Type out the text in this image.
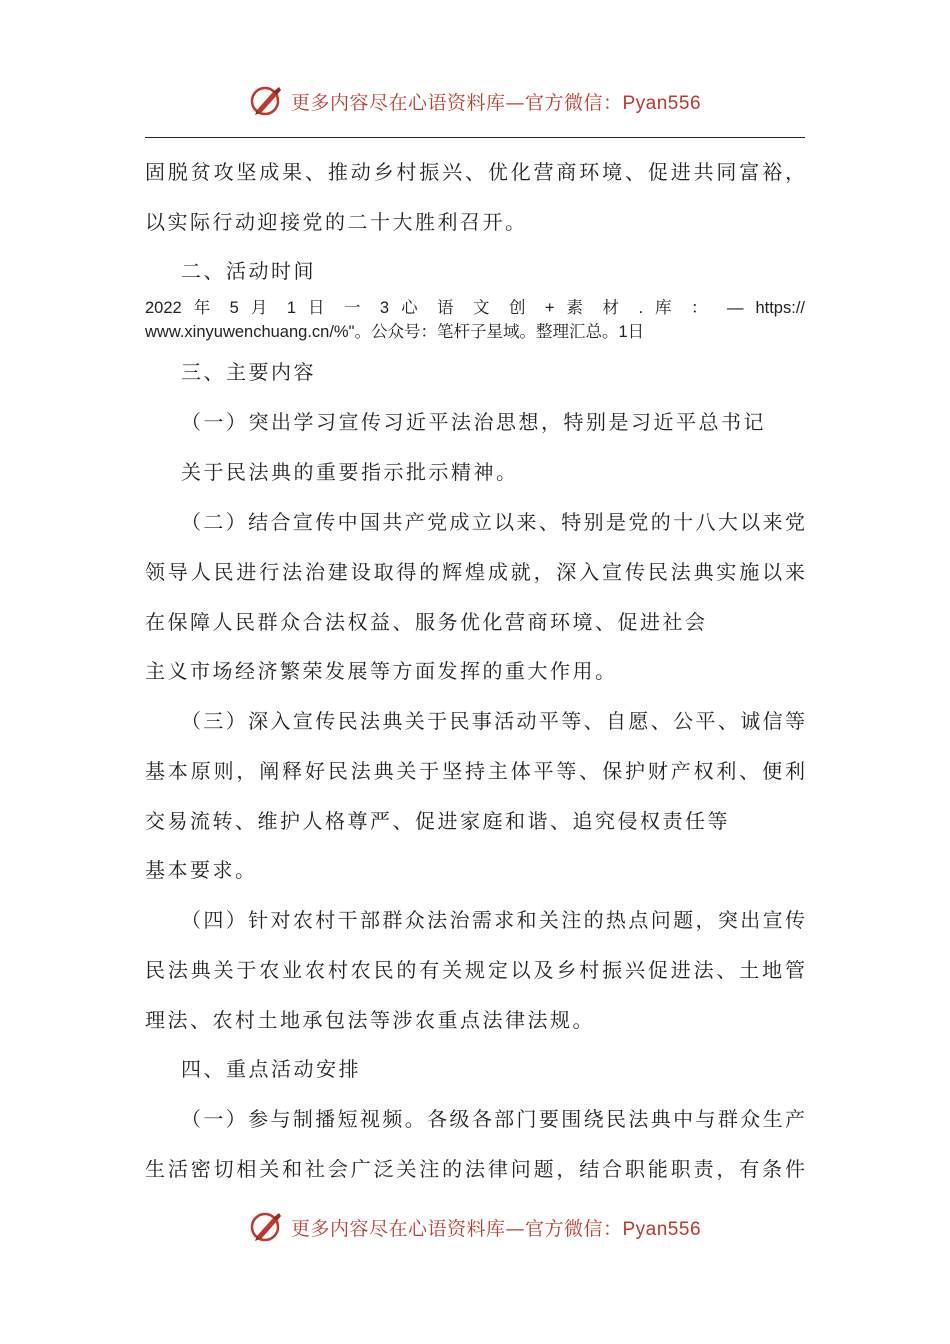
更多内容尽在心语资料库—官方微信：Pyan556
固脱贫攻坚成果、推动乡村振兴、优化营商环境、促进共同富裕，
以实际行动迎接党的二十大胜利召开。
二、活动时间
2022 年 5 月 1 日 一 3 心 语 文 创 + 素 材 . 库 ： — https://
www.xinyuwenchuang.cn/%"。公众号：笔杆子星域。整理汇总。1日
三、主要内容
（一）突出学习宣传习近平法治思想，特别是习近平总书记
关于民法典的重要指示批示精神。
（二）结合宣传中国共产党成立以来、特别是党的十八大以来党
领导人民进行法治建设取得的辉煌成就，深入宣传民法典实施以来
在保障人民群众合法权益、服务优化营商环境、促进社会
主义市场经济繁荣发展等方面发挥的重大作用。
（三）深入宣传民法典关于民事活动平等、自愿、公平、诚信等
基本原则，阐释好民法典关于坚持主体平等、保护财产权利、便利
交易流转、维护人格尊严、促进家庭和谐、追究侵权责任等
基本要求。
（四）针对农村干部群众法治需求和关注的热点问题，突出宣传
民法典关于农业农村农民的有关规定以及乡村振兴促进法、土地管
理法、农村土地承包法等涉农重点法律法规。
四、重点活动安排
（一）参与制播短视频。各级各部门要围绕民法典中与群众生产
生活密切相关和社会广泛关注的法律问题，结合职能职责，有条件
更多内容尽在心语资料库—官方微信：Pyan556
